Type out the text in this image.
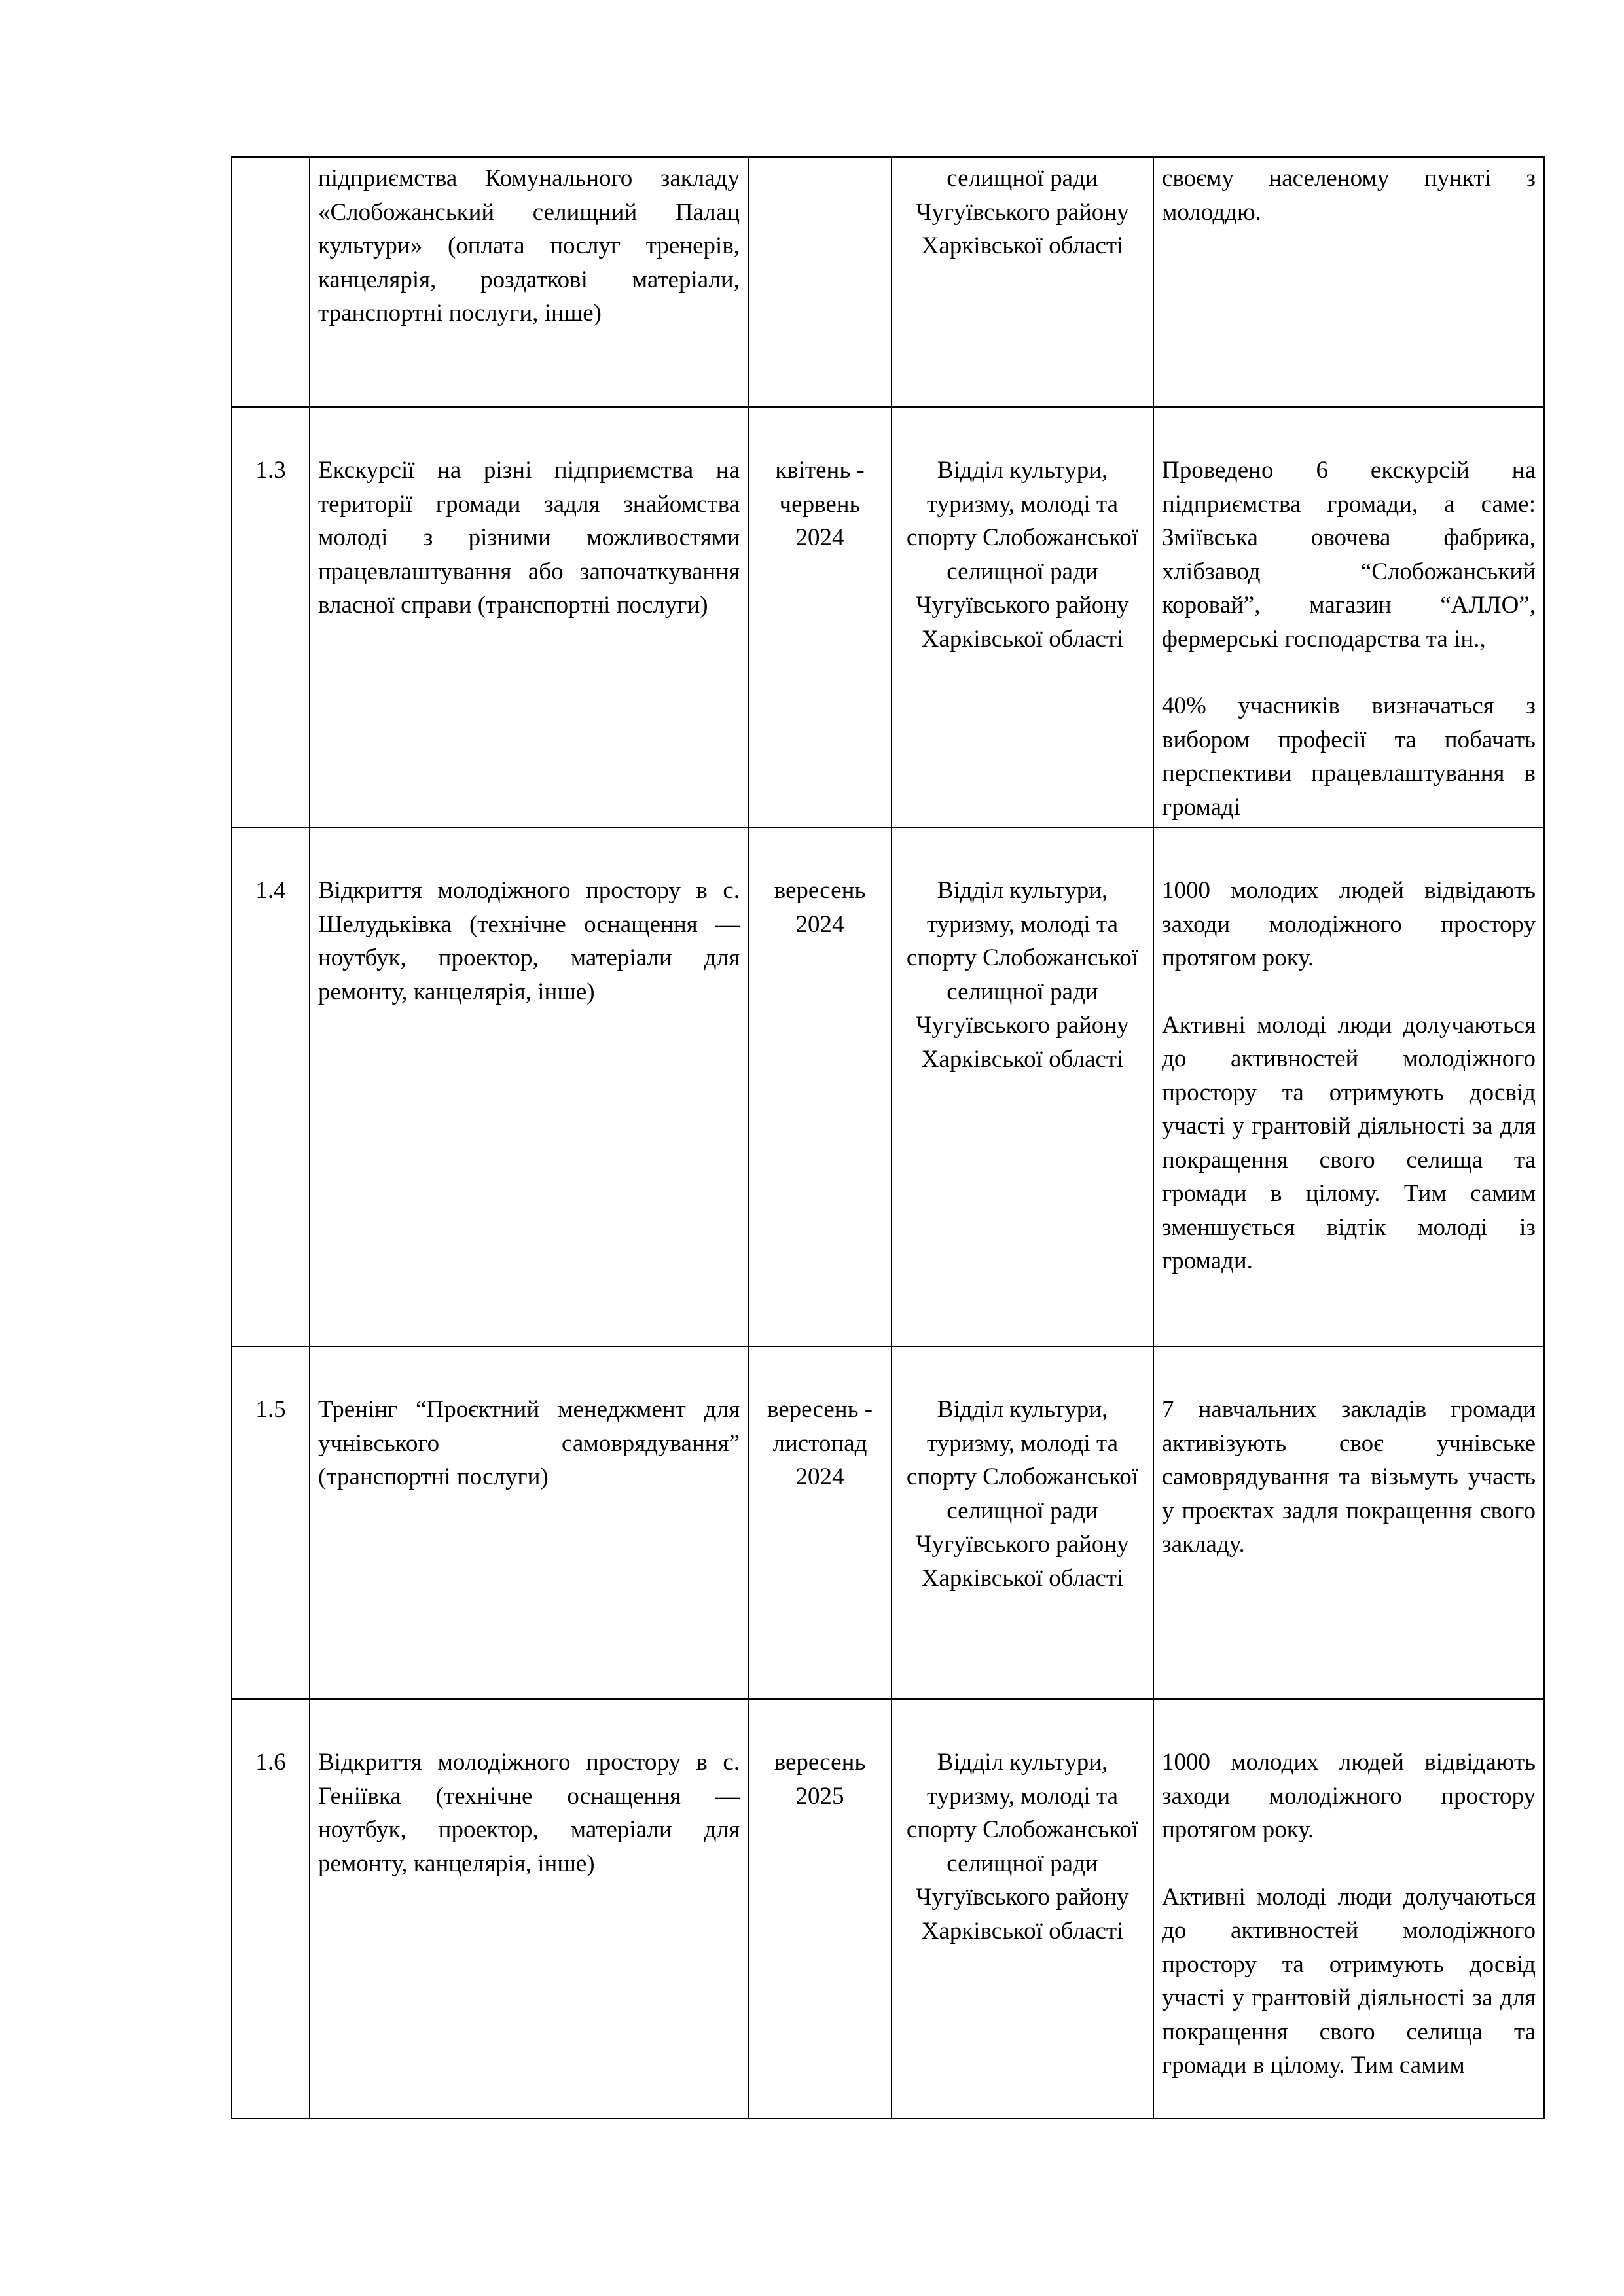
	підприємства Комунального закладу «Слобожанський селищний Палац культури» (оплата послуг тренерів, канцелярія, роздаткові матеріали, транспортні послуги, інше)		селищної ради Чугуївського району Харківської області	своєму населеному пункті з молоддю.

1.3	Екскурсії на різні підприємства на території громади задля знайомства молоді з різними можливостями працевлаштування або започаткування власної справи (транспортні послуги)	квітень - червень 2024	Відділ культури, туризму, молоді та спорту Слобожанської селищної ради Чугуївського району Харківської області	Проведено 6 екскурсій на підприємства громади, а саме: Зміївська овочева фабрика, хлібзавод “Слобожанський коровай”, магазин “АЛЛО”, фермерські господарства та ін.,

40% учасників визначаться з вибором професії та побачать перспективи працевлаштування в громаді

1.4	Відкриття молодіжного простору в с. Шелудьківка (технічне оснащення — ноутбук, проектор, матеріали для ремонту, канцелярія, інше)	вересень 2024	Відділ культури, туризму, молоді та спорту Слобожанської селищної ради Чугуївського району Харківської області	1000 молодих людей відвідають заходи молодіжного простору протягом року.

Активні молоді люди долучаються до активностей молодіжного простору та отримують досвід участі у грантовій діяльності за для покращення свого селища та громади в цілому. Тим самим зменшується відтік молоді із громади.

1.5	Тренінг “Проєктний менеджмент для учнівського самоврядування” (транспортні послуги)	вересень - листопад 2024	Відділ культури, туризму, молоді та спорту Слобожанської селищної ради Чугуївського району Харківської області	7 навчальних закладів громади активізують своє учнівське самоврядування та візьмуть участь у проєктах задля покращення свого закладу.

1.6	Відкриття молодіжного простору в с. Генiївка (технічне оснащення — ноутбук, проектор, матеріали для ремонту, канцелярія, інше)	вересень 2025	Відділ культури, туризму, молоді та спорту Слобожанської селищної ради Чугуївського району Харківської області	1000 молодих людей відвідають заходи молодіжного простору протягом року.

Активні молоді люди долучаються до активностей молодіжного простору та отримують досвід участі у грантовій діяльності за для покращення свого селища та громади в цілому. Тим самим
